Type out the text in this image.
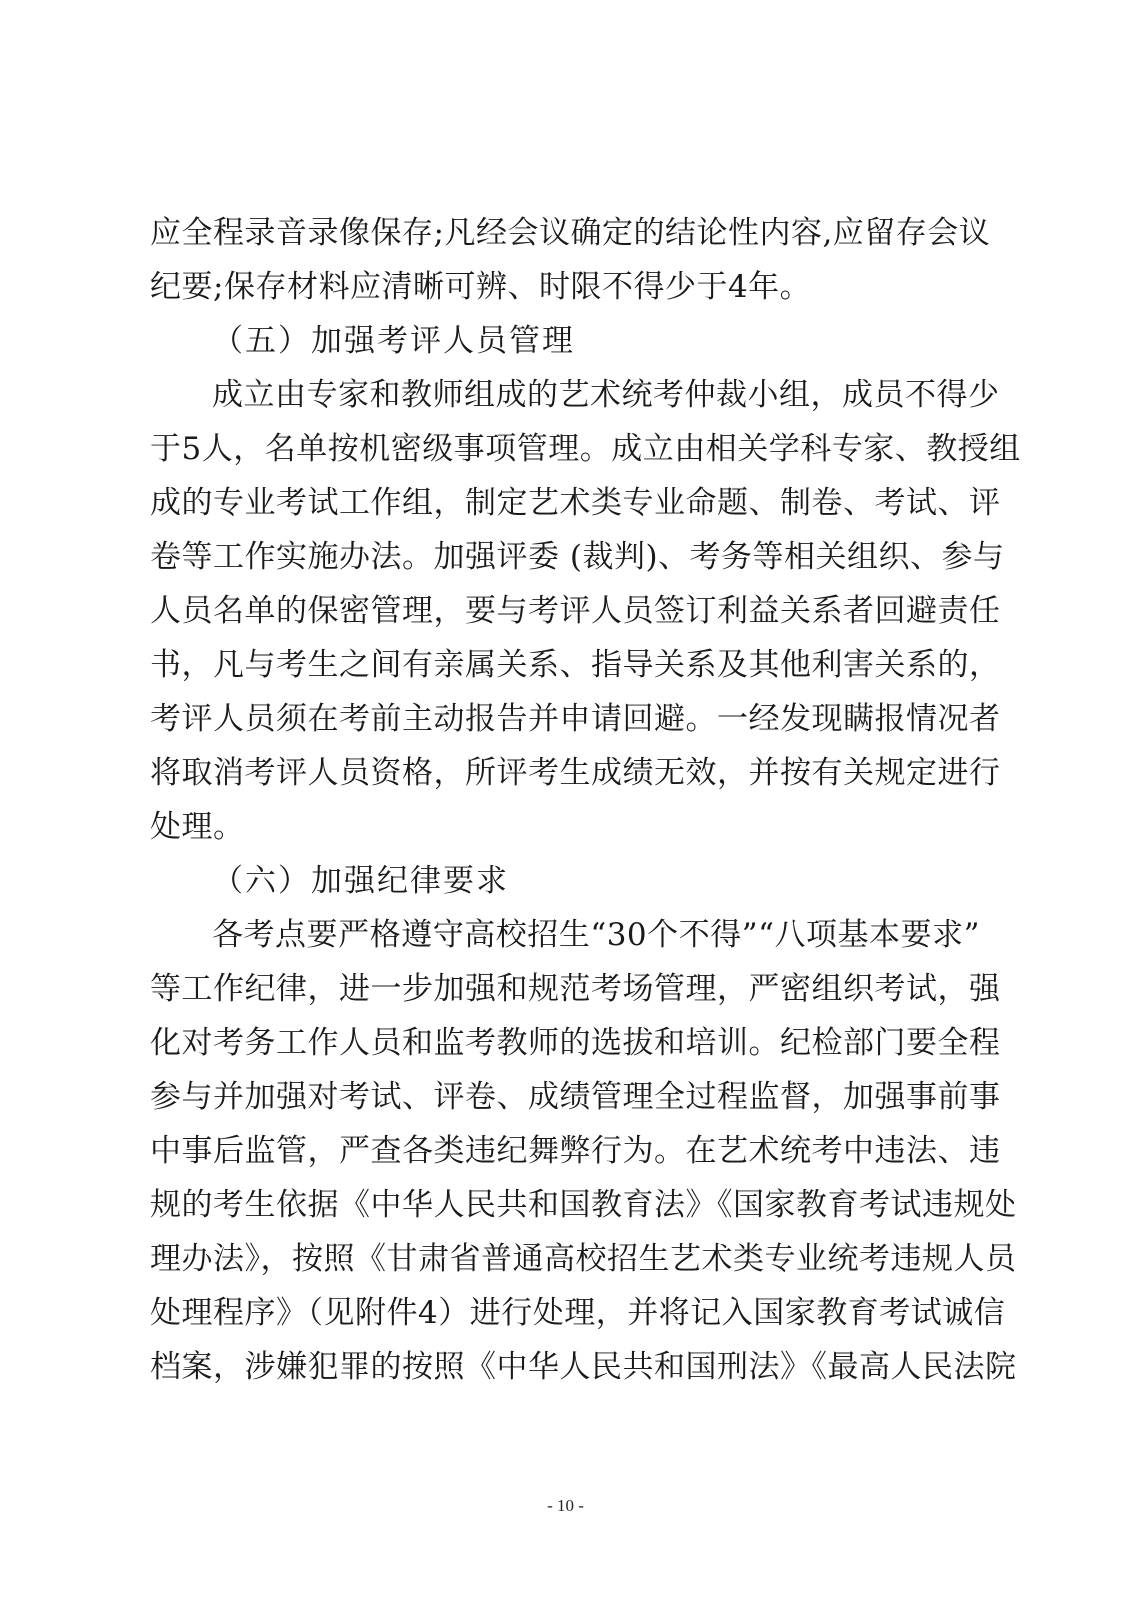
应全程录音录像保存;凡经会议确定的结论性内容,应留存会议
纪要;保存材料应清晰可辨、时限不得少于4年。
（五）加强考评人员管理
成立由专家和教师组成的艺术统考仲裁小组，成员不得少
于5人，名单按机密级事项管理。成立由相关学科专家、教授组
成的专业考试工作组，制定艺术类专业命题、制卷、考试、评
卷等工作实施办法。加强评委 (裁判)、考务等相关组织、参与
人员名单的保密管理，要与考评人员签订利益关系者回避责任
书，凡与考生之间有亲属关系、指导关系及其他利害关系的，
考评人员须在考前主动报告并申请回避。一经发现瞒报情况者
将取消考评人员资格，所评考生成绩无效，并按有关规定进行
处理。
（六）加强纪律要求
各考点要严格遵守高校招生“30个不得”“八项基本要求”
等工作纪律，进一步加强和规范考场管理，严密组织考试，强
化对考务工作人员和监考教师的选拔和培训。纪检部门要全程
参与并加强对考试、评卷、成绩管理全过程监督，加强事前事
中事后监管，严查各类违纪舞弊行为。在艺术统考中违法、违
规的考生依据《中华人民共和国教育法》《国家教育考试违规处
理办法》，按照《甘肃省普通高校招生艺术类专业统考违规人员
处理程序》（见附件4）进行处理，并将记入国家教育考试诚信
档案，涉嫌犯罪的按照《中华人民共和国刑法》《最高人民法院
- 10 -
